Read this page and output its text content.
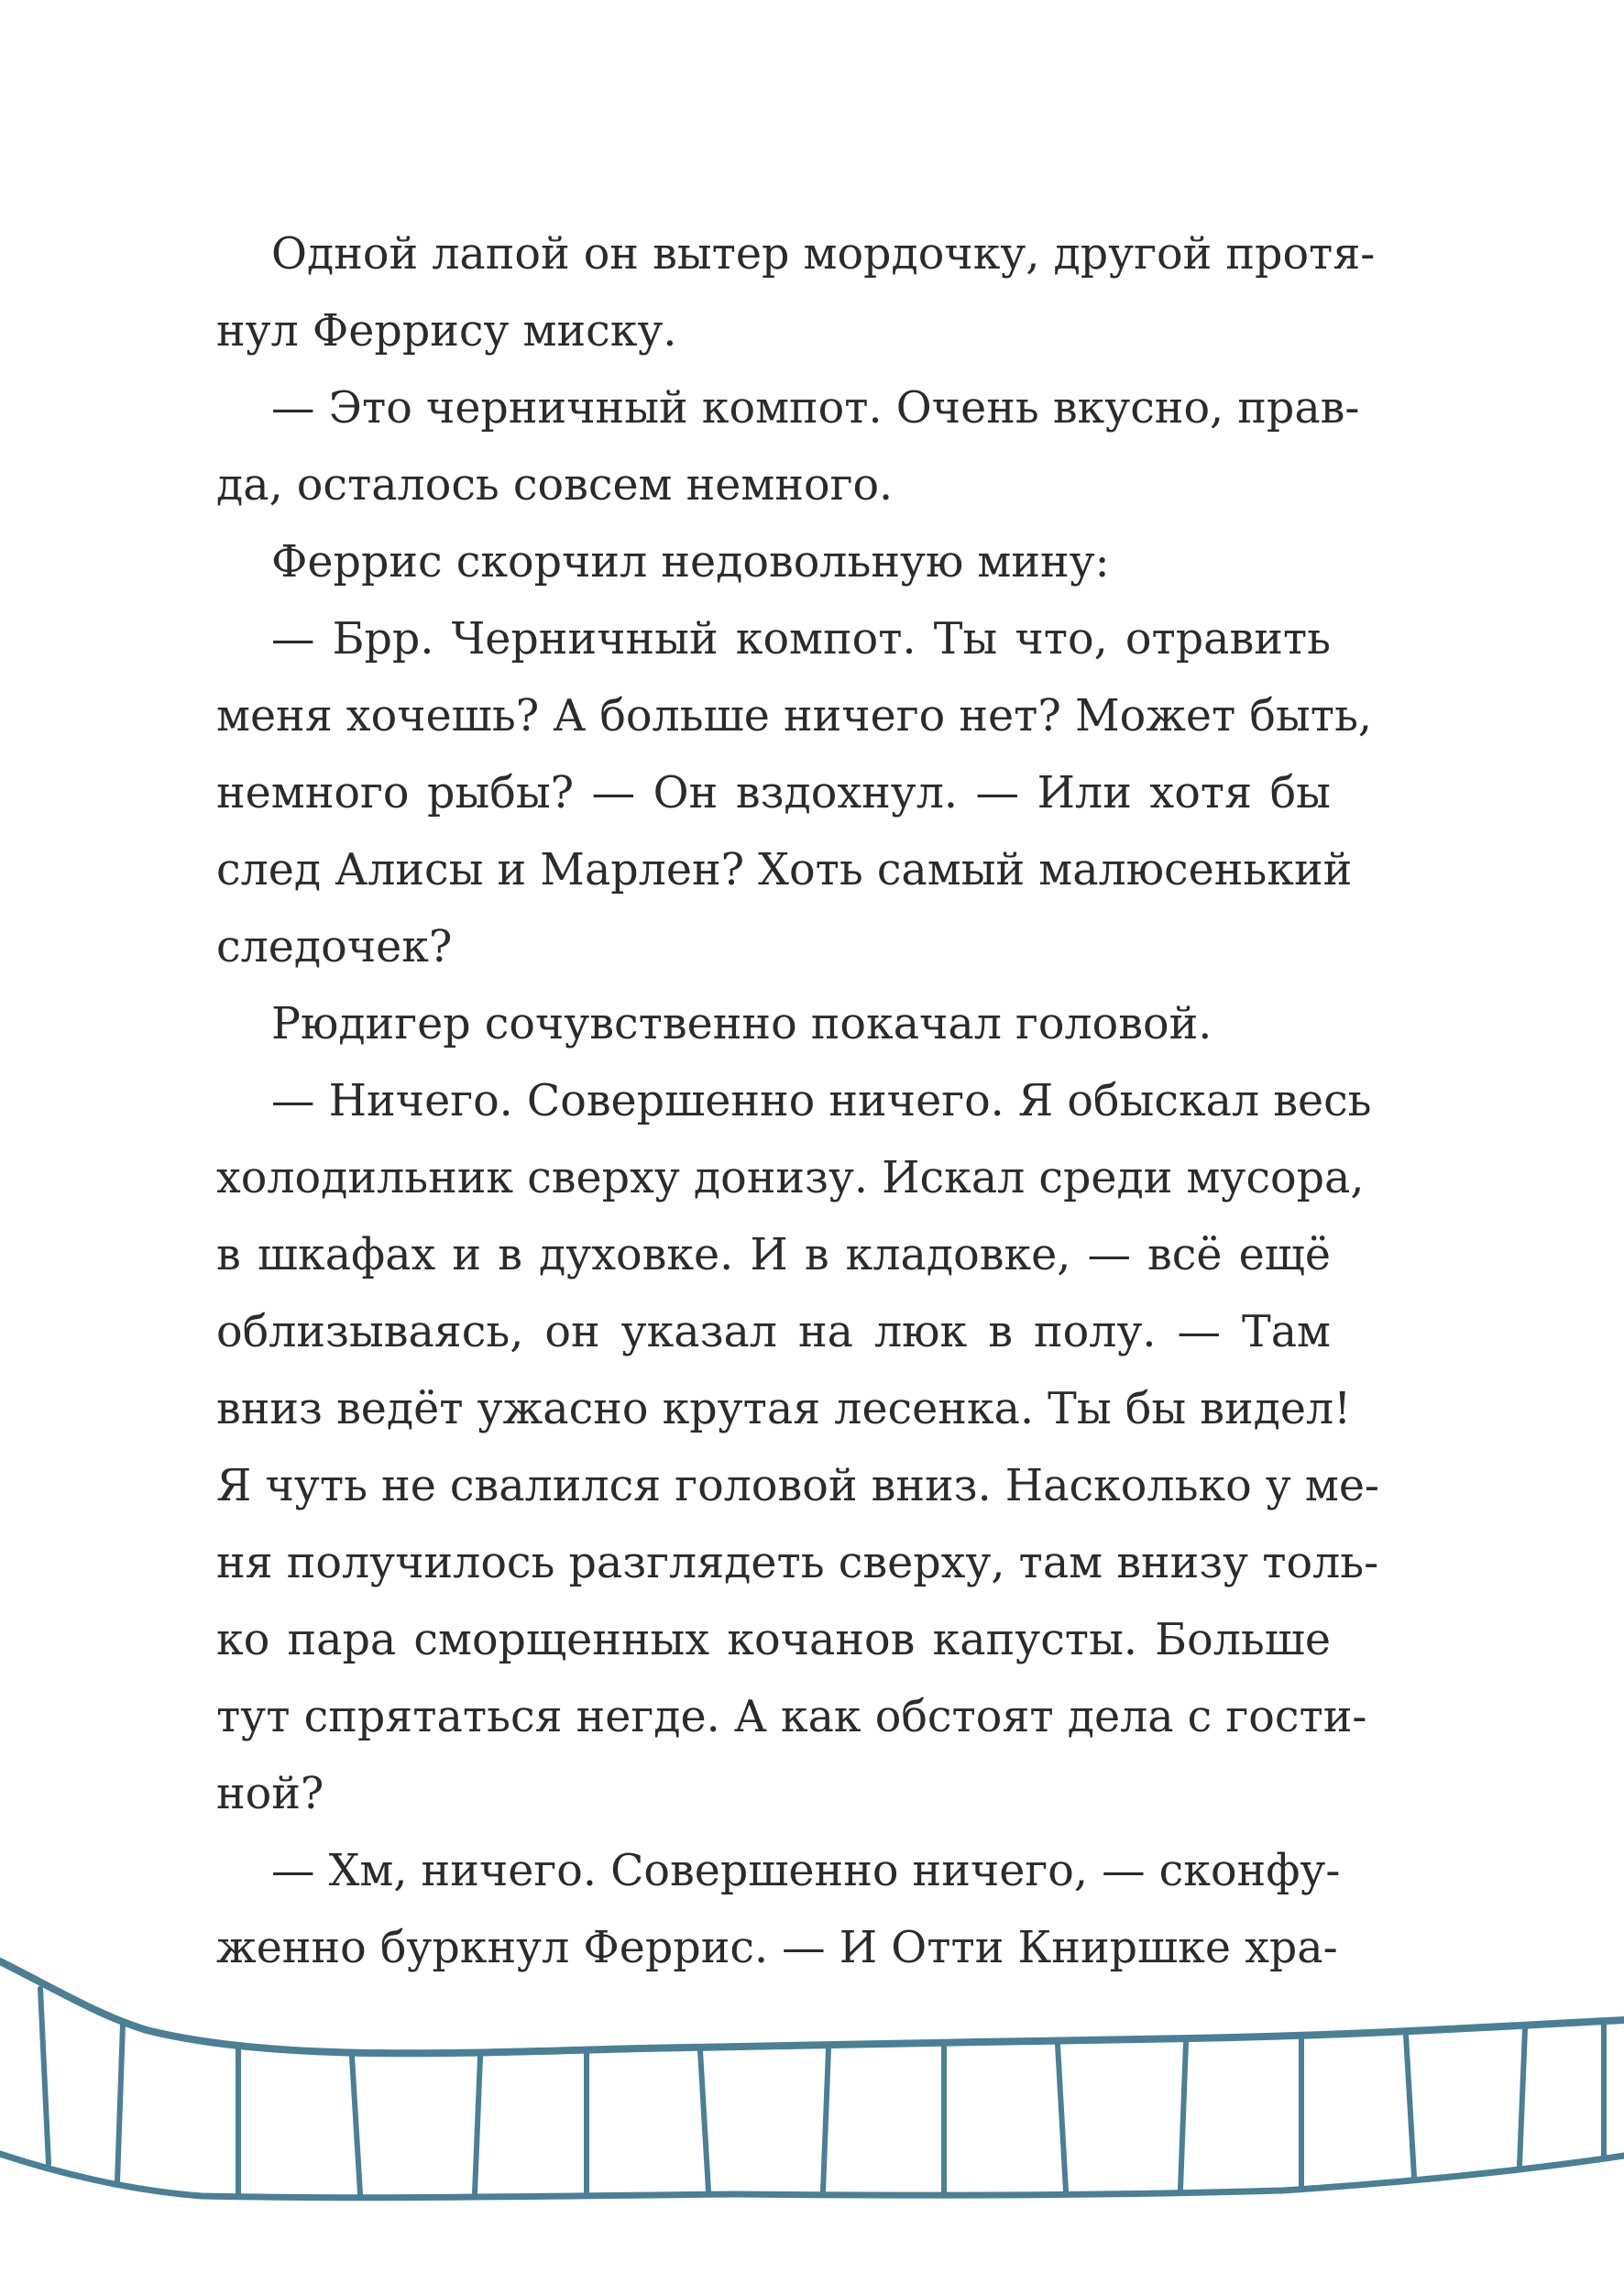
Одной лапой он вытер мордочку, другой протя-
нул Феррису миску.
— Это черничный компот. Очень вкусно, прав-
да, осталось совсем немного.
Феррис скорчил недовольную мину:
— Брр. Черничный компот. Ты что, отравить
меня хочешь? А больше ничего нет? Может быть,
немного рыбы? — Он вздохнул. — Или хотя бы
след Алисы и Марлен? Хоть самый малюсенький
следочек?
Рюдигер сочувственно покачал головой.
— Ничего. Совершенно ничего. Я обыскал весь
холодильник сверху донизу. Искал среди мусора,
в шкафах и в духовке. И в кладовке, — всё ещё
облизываясь, он указал на люк в полу. — Там
вниз ведёт ужасно крутая лесенка. Ты бы видел!
Я чуть не свалился головой вниз. Насколько у ме-
ня получилось разглядеть сверху, там внизу толь-
ко пара сморщенных кочанов капусты. Больше
тут спрятаться негде. А как обстоят дела с гости-
ной?
— Хм, ничего. Совершенно ничего, — сконфу-
женно буркнул Феррис. — И Отти Книршке хра-
